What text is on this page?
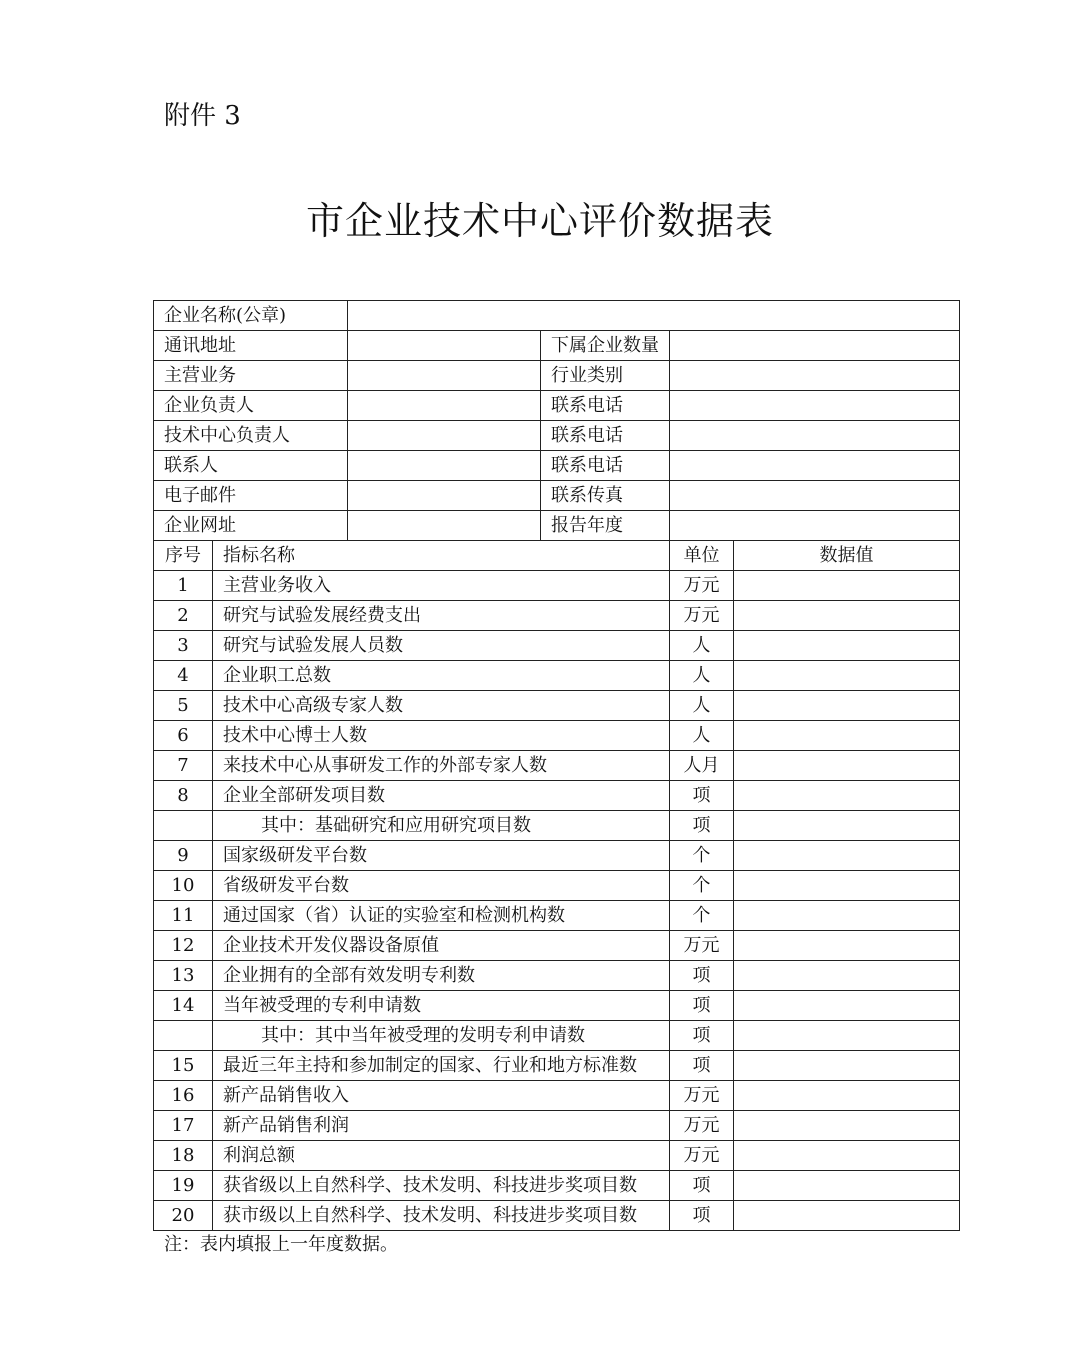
附件 3
市企业技术中心评价数据表
企业名称(公章)					
通讯地址			下属企业数量		
主营业务			行业类别		
企业负责人			联系电话		
技术中心负责人			联系电话		
联系人			联系电话		
电子邮件			联系传真		
企业网址			报告年度		
序号	指标名称			单位	数据值
1	主营业务收入			万元	
2	研究与试验发展经费支出			万元	
3	研究与试验发展人员数			人	
4	企业职工总数			人	
5	技术中心高级专家人数			人	
6	技术中心博士人数			人	
7	来技术中心从事研发工作的外部专家人数			人月	
8	企业全部研发项目数			项	
	其中：基础研究和应用研究项目数			项	
9	国家级研发平台数			个	
10	省级研发平台数			个	
11	通过国家（省）认证的实验室和检测机构数			个	
12	企业技术开发仪器设备原值			万元	
13	企业拥有的全部有效发明专利数			项	
14	当年被受理的专利申请数			项	
	其中：其中当年被受理的发明专利申请数			项	
15	最近三年主持和参加制定的国家、行业和地方标准数			项	
16	新产品销售收入			万元	
17	新产品销售利润			万元	
18	利润总额			万元	
19	获省级以上自然科学、技术发明、科技进步奖项目数			项	
20	获市级以上自然科学、技术发明、科技进步奖项目数			项	
注：表内填报上一年度数据。
